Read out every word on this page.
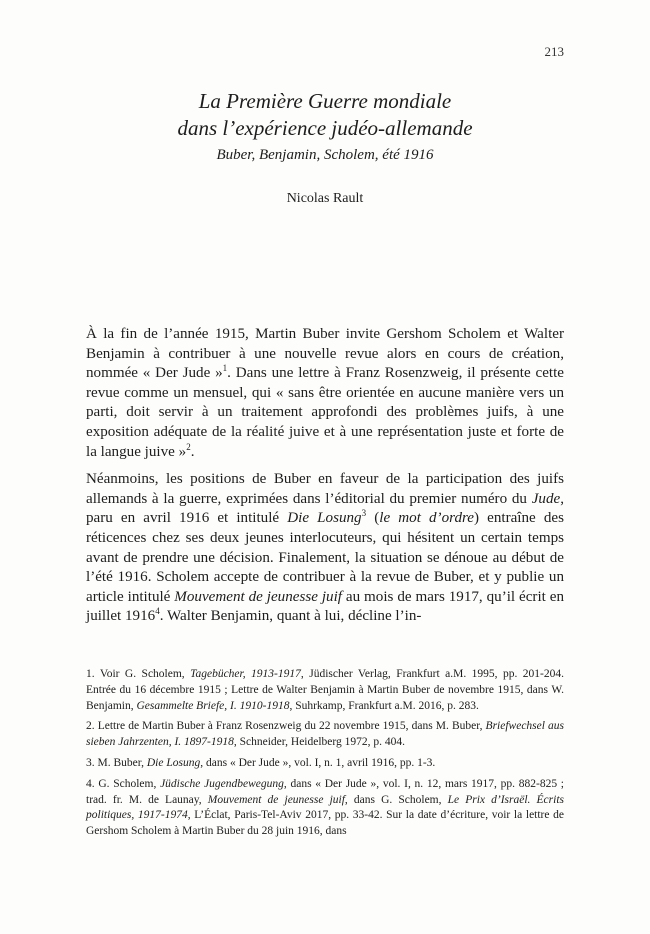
213
La Première Guerre mondiale
dans l’expérience judéo-allemande
Buber, Benjamin, Scholem, été 1916
Nicolas Rault

À la fin de l’année 1915, Martin Buber invite Gershom Scholem et Walter Benjamin à contribuer à une nouvelle revue alors en cours de création, nommée « Der Jude »$^1$. Dans une lettre à Franz Rosenzweig, il présente cette revue comme un mensuel, qui « sans être orientée en aucune manière vers un parti, doit servir à un traitement approfondi des problèmes juifs, à une exposition adéquate de la réalité juive et à une représentation juste et forte de la langue juive »$^2$.

Néanmoins, les positions de Buber en faveur de la participation des juifs allemands à la guerre, exprimées dans l’éditorial du premier numéro du Jude, paru en avril 1916 et intitulé Die Losung$^3$ (le mot d’ordre) entraîne des réticences chez ses deux jeunes interlocuteurs, qui hésitent un certain temps avant de prendre une décision. Finalement, la situation se dénoue au début de l’été 1916. Scholem accepte de contribuer à la revue de Buber, et y publie un article intitulé Mouvement de jeunesse juif au mois de mars 1917, qu’il écrit en juillet 1916$^4$. Walter Benjamin, quant à lui, décline l’in-

1. Voir G. Scholem, Tagebücher, 1913-1917, Jüdischer Verlag, Frankfurt a.M. 1995, pp. 201-204. Entrée du 16 décembre 1915 ; Lettre de Walter Benjamin à Martin Buber de novembre 1915, dans W. Benjamin, Gesammelte Briefe, I. 1910-1918, Suhrkamp, Frankfurt a.M. 2016, p. 283.

2. Lettre de Martin Buber à Franz Rosenzweig du 22 novembre 1915, dans M. Buber, Briefwechsel aus sieben Jahrzenten, I. 1897-1918, Schneider, Heidelberg 1972, p. 404.

3. M. Buber, Die Losung, dans « Der Jude », vol. I, n. 1, avril 1916, pp. 1-3.

4. G. Scholem, Jüdische Jugendbewegung, dans « Der Jude », vol. I, n. 12, mars 1917, pp. 882-825 ; trad. fr. M. de Launay, Mouvement de jeunesse juif, dans G. Scholem, Le Prix d’Israël. Écrits politiques, 1917-1974, L’Éclat, Paris-Tel-Aviv 2017, pp. 33-42. Sur la date d’écriture, voir la lettre de Gershom Scholem à Martin Buber du 28 juin 1916, dans
